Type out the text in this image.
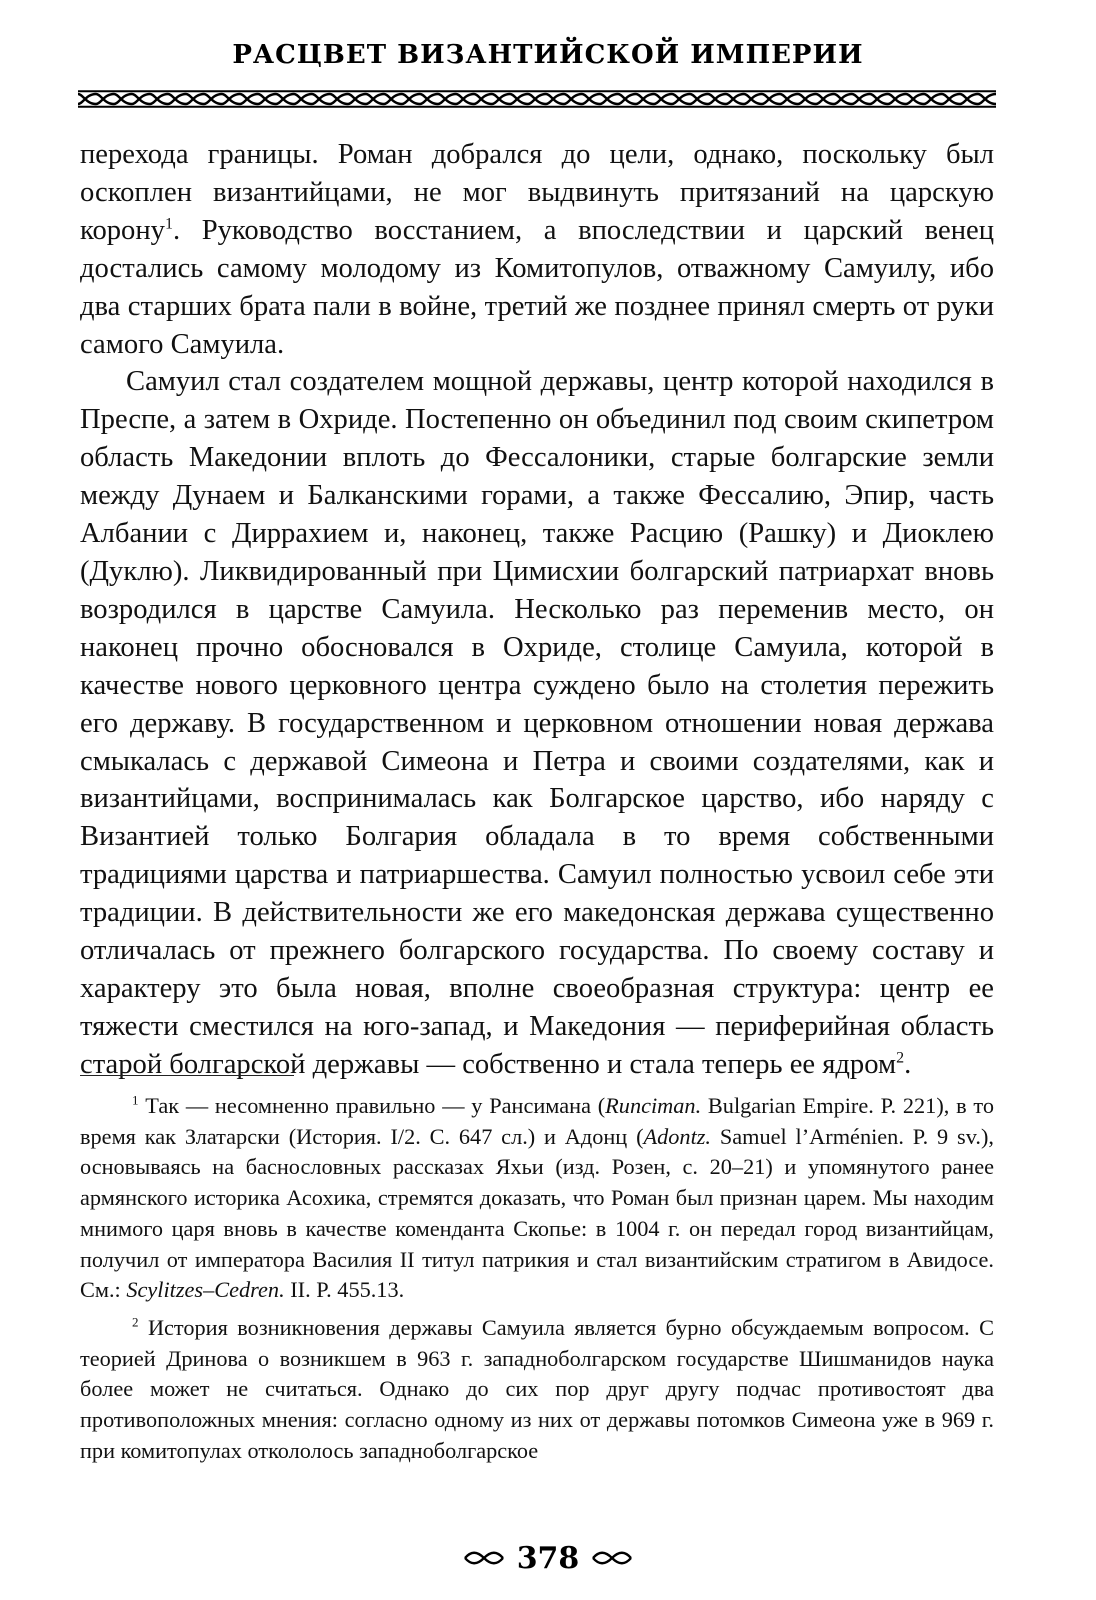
РАСЦВЕТ ВИЗАНТИЙСКОЙ ИМПЕРИИ

перехода границы. Роман добрался до цели, однако, поскольку был оскоплен византийцами, не мог выдвинуть притязаний на царскую корону$^1$. Руководство восстанием, а впоследствии и царский венец достались самому молодому из Комитопулов, отважному Самуилу, ибо два старших брата пали в войне, третий же позднее принял смерть от руки самого Самуила.

Самуил стал создателем мощной державы, центр которой находился в Преспе, а затем в Охриде. Постепенно он объединил под своим скипетром область Македонии вплоть до Фессалоники, старые болгарские земли между Дунаем и Балканскими горами, а также Фессалию, Эпир, часть Албании с Диррахием и, наконец, также Расцию (Рашку) и Диоклею (Дуклю). Ликвидированный при Цимисхии болгарский патриархат вновь возродился в царстве Самуила. Несколько раз переменив место, он наконец прочно обосновался в Охриде, столице Самуила, которой в качестве нового церковного центра суждено было на столетия пережить его державу. В государственном и церковном отношении новая держава смыкалась с державой Симеона и Петра и своими создателями, как и византийцами, воспринималась как Болгарское царство, ибо наряду с Византией только Болгария обладала в то время собственными традициями царства и патриаршества. Самуил полностью усвоил себе эти традиции. В действительности же его македонская держава существенно отличалась от прежнего болгарского государства. По своему составу и характеру это была новая, вполне своеобразная структура: центр ее тяжести сместился на юго-запад, и Македония — периферийная область старой болгарской державы — собственно и стала теперь ее ядром$^2$.

$^1$ Так — несомненно правильно — у Рансимана (Runciman. Bulgarian Empire. P. 221), в то время как Златарски (История. I/2. С. 647 сл.) и Адонц (Adontz. Samuel l’Arménien. P. 9 sv.), основываясь на баснословных рассказах Яхьи (изд. Розен, с. 20–21) и упомянутого ранее армянского историка Асохика, стремятся доказать, что Роман был признан царем. Мы находим мнимого царя вновь в качестве коменданта Скопье: в 1004 г. он передал город византийцам, получил от императора Василия II титул патрикия и стал византийским стратигом в Авидосе. См.: Scylitzes–Cedren. II. P. 455.13.

$^2$ История возникновения державы Самуила является бурно обсуждаемым вопросом. С теорией Дринова о возникшем в 963 г. западноболгарском государстве Шишманидов наука более может не считаться. Однако до сих пор друг другу подчас противостоят два противоположных мнения: согласно одному из них от державы потомков Симеона уже в 969 г. при комитопулах откололось западноболгарское

378
